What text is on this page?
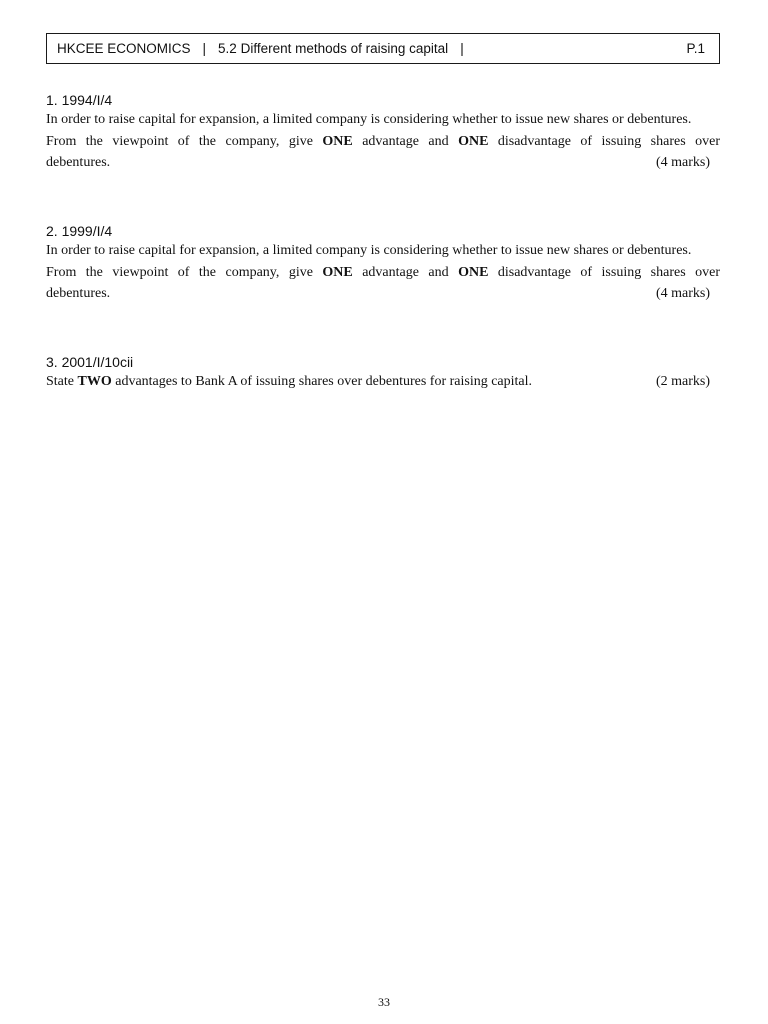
HKCEE ECONOMICS | 5.2 Different methods of raising capital |	P.1

1. 1994/I/4

In order to raise capital for expansion, a limited company is considering whether to issue new shares or debentures.

From the viewpoint of the company, give ONE advantage and ONE disadvantage of issuing shares over

debentures.	(4 marks)

2. 1999/I/4

In order to raise capital for expansion, a limited company is considering whether to issue new shares or debentures.

From the viewpoint of the company, give ONE advantage and ONE disadvantage of issuing shares over

debentures.	(4 marks)

3. 2001/I/10cii

State TWO advantages to Bank A of issuing shares over debentures for raising capital.	(2 marks)

33
